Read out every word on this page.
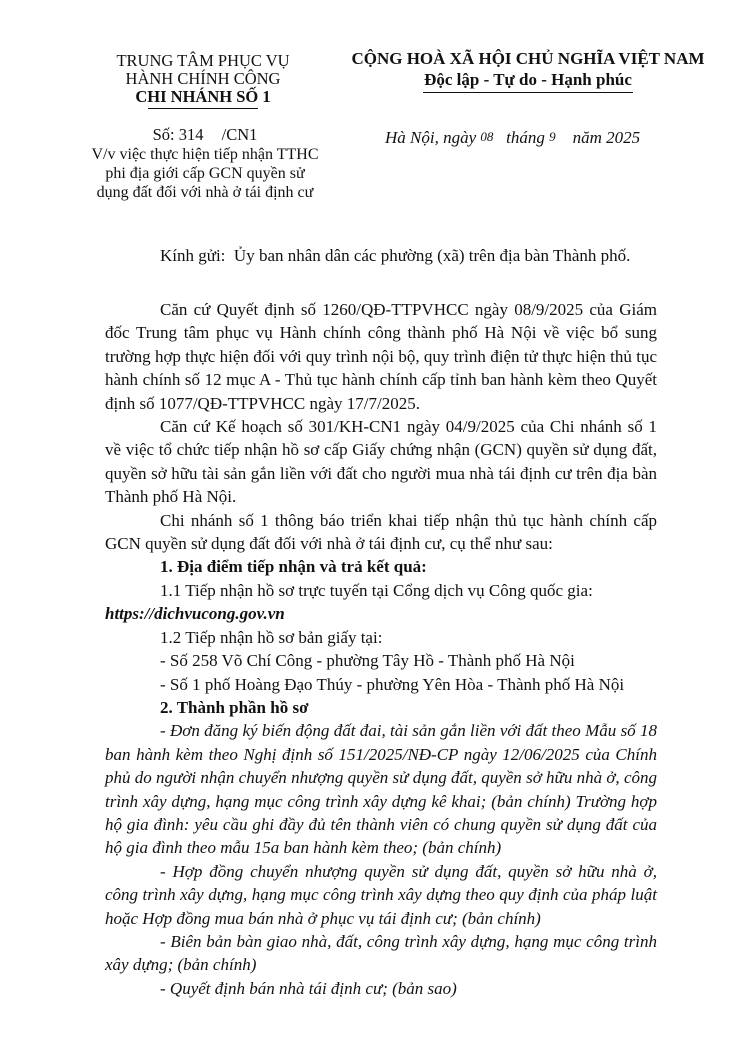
TRUNG TÂM PHỤC VỤ
HÀNH CHÍNH CÔNG
CHI NHÁNH SỐ 1
CỘNG HOÀ XÃ HỘI CHỦ NGHĨA VIỆT NAM
Độc lập - Tự do - Hạnh phúc
Số: 314 /CN1
V/v việc thực hiện tiếp nhận TTHC
phi địa giới cấp GCN quyền sử
dụng đất đối với nhà ở tái định cư
Hà Nội, ngày 08 tháng 9 năm 2025
Kính gửi: Ủy ban nhân dân các phường (xã) trên địa bàn Thành phố.

Căn cứ Quyết định số 1260/QĐ-TTPVHCC ngày 08/9/2025 của Giám đốc Trung tâm phục vụ Hành chính công thành phố Hà Nội về việc bổ sung trường hợp thực hiện đối với quy trình nội bộ, quy trình điện tử thực hiện thủ tục hành chính số 12 mục A - Thủ tục hành chính cấp tỉnh ban hành kèm theo Quyết định số 1077/QĐ-TTPVHCC ngày 17/7/2025.

Căn cứ Kế hoạch số 301/KH-CN1 ngày 04/9/2025 của Chi nhánh số 1 về việc tổ chức tiếp nhận hồ sơ cấp Giấy chứng nhận (GCN) quyền sử dụng đất, quyền sở hữu tài sản gắn liền với đất cho người mua nhà tái định cư trên địa bàn Thành phố Hà Nội.

Chi nhánh số 1 thông báo triển khai tiếp nhận thủ tục hành chính cấp GCN quyền sử dụng đất đối với nhà ở tái định cư, cụ thể như sau:

1. Địa điểm tiếp nhận và trả kết quả:

1.1 Tiếp nhận hồ sơ trực tuyến tại Cổng dịch vụ Công quốc gia:

https://dichvucong.gov.vn

1.2 Tiếp nhận hồ sơ bản giấy tại:

- Số 258 Võ Chí Công - phường Tây Hồ - Thành phố Hà Nội

- Số 1 phố Hoàng Đạo Thúy - phường Yên Hòa - Thành phố Hà Nội

2. Thành phần hồ sơ

- Đơn đăng ký biến động đất đai, tài sản gắn liền với đất theo Mẫu số 18 ban hành kèm theo Nghị định số 151/2025/NĐ-CP ngày 12/06/2025 của Chính phủ do người nhận chuyển nhượng quyền sử dụng đất, quyền sở hữu nhà ở, công trình xây dựng, hạng mục công trình xây dựng kê khai; (bản chính) Trường hợp hộ gia đình: yêu cầu ghi đầy đủ tên thành viên có chung quyền sử dụng đất của hộ gia đình theo mẫu 15a ban hành kèm theo; (bản chính)

- Hợp đồng chuyển nhượng quyền sử dụng đất, quyền sở hữu nhà ở, công trình xây dựng, hạng mục công trình xây dựng theo quy định của pháp luật hoặc Hợp đồng mua bán nhà ở phục vụ tái định cư; (bản chính)

- Biên bản bàn giao nhà, đất, công trình xây dựng, hạng mục công trình xây dựng; (bản chính)

- Quyết định bán nhà tái định cư; (bản sao)
